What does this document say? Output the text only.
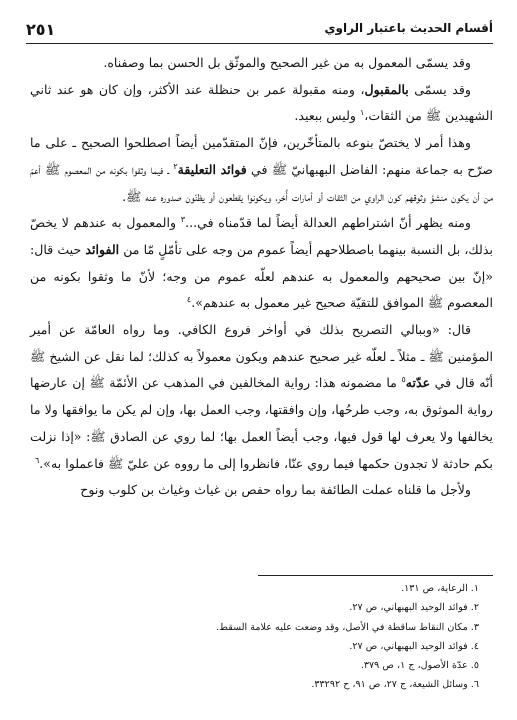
٢٥١	أقسام الحديث باعتبار الراوي

وقد يسمّى المعمول به من غير الصحيح والموثّق بل الحسن بما وصفناه.

وقد يسمّى بالمقبول، ومنه مقبولة عمر بن حنظلة عند الأكثر، وإن كان هو عند ثاني الشهيدين ﷺ من الثقات،$^١$ وليس ببعيد.

وهذا أمر لا يختصّ بنوعه بالمتأخّرين، فإنّ المتقدّمين أيضاً اصطلحوا الصحيح ـ على ما صرّح به جماعة منهم: الفاضل البهبهانيّ ﷺ في فوائد التعليقة$^٢$ ـ فيما وثقوا بكونه من المعصوم ﷺ أعمّ من أن يكون منشؤ وثوقهم كون الراوي من الثقات أو أمارات أُخر، ويكونوا يقطعون أو يظنّون صدوره عنه ﷺ.

ومنه يظهر أنّ اشتراطهم العدالة أيضاً لما قدّمناه في...$^٣$ والمعمول به عندهم لا يخصّ بذلك، بل النسبة بينهما باصطلاحهم أيضاً عموم من وجه على تأمّلٍ مّا من الفوائد حيث قال: «إنّ بين صحيحهم والمعمول به عندهم لعلّه عموم من وجه؛ لأنّ ما وثقوا بكونه من المعصوم ﷺ الموافق للتقيّة صحيح غير معمول به عندهم».$^٤$

قال: «وببالي التصريح بذلك في أواخر فروع الكافي. وما رواه العامّة عن أمير المؤمنين ﷺ ـ مثلاً ـ لعلّه غير صحيح عندهم ويكون معمولاً به كذلك؛ لما نقل عن الشيخ ﷺ أنّه قال في عدّته$^٥$ ما مضمونه هذا: رواية المخالفين في المذهب عن الأئمّة ﷺ إن عارضها رواية الموثوق به، وجب طرحُها، وإن وافقتها، وجب العمل بها، وإن لم يكن ما يوافقها ولا ما يخالفها ولا يعرف لها قول فيها، وجب أيضاً العمل بها؛ لما روي عن الصادق ﷺ: «إذا نزلت بكم حادثة لا تجدون حكمها فيما روي عنّا، فانظروا إلى ما رووه عن عليّ ﷺ فاعملوا به».$^٦$

ولأجل ما قلناه عملت الطائفة بما رواه حفص بن غياث وغياث بن كلوب ونوح

١. الرعاية، ص ١٣١.
٢. فوائد الوحيد البهبهاني، ص ٢٧.
٣. مكان النقاط ساقطة في الأصل، وقد وضعت عليه علامة السقط.
٤. فوائد الوحيد البهبهاني، ص ٢٧.
٥. عدّة الأصول، ج ١، ص ٣٧٩.
٦. وسائل الشيعة، ج ٢٧، ص ٩١، ح ٣٣٢٩٢.
